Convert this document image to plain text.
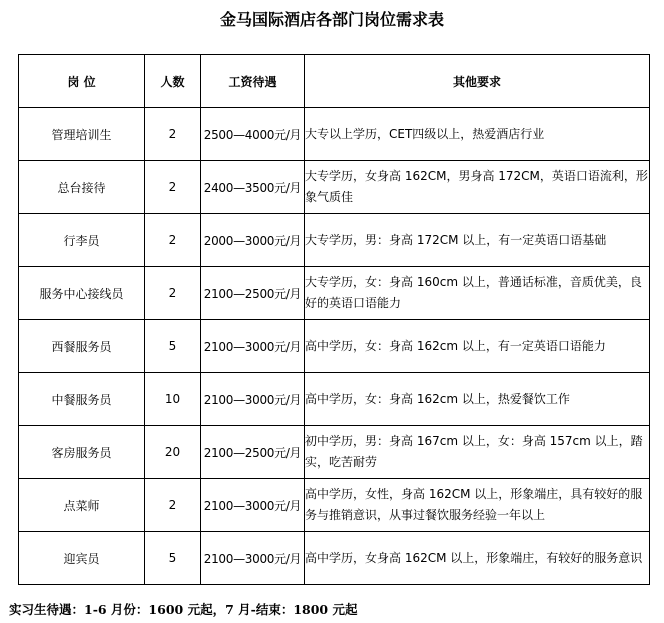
金马国际酒店各部门岗位需求表
岗 位	人数	工资待遇	其他要求
管理培训生	2	2500—4000元/月	大专以上学历，CET四级以上，热爱酒店行业
总台接待	2	2400—3500元/月	大专学历，女身高 162CM，男身高 172CM，英语口语流利，形象气质佳
行李员	2	2000—3000元/月	大专学历，男：身高 172CM 以上，有一定英语口语基础
服务中心接线员	2	2100—2500元/月	大专学历，女：身高 160cm 以上，普通话标准，音质优美，良好的英语口语能力
西餐服务员	5	2100—3000元/月	高中学历，女：身高 162cm 以上，有一定英语口语能力
中餐服务员	10	2100—3000元/月	高中学历，女：身高 162cm 以上，热爱餐饮工作
客房服务员	20	2100—2500元/月	初中学历，男：身高 167cm 以上，女：身高 157cm 以上，踏实，吃苦耐劳
点菜师	2	2100—3000元/月	高中学历，女性，身高 162CM 以上，形象端庄，具有较好的服务与推销意识，从事过餐饮服务经验一年以上
迎宾员	5	2100—3000元/月	高中学历，女身高 162CM 以上，形象端庄，有较好的服务意识
实习生待遇：1-6 月份：1600 元起，7 月-结束：1800 元起
